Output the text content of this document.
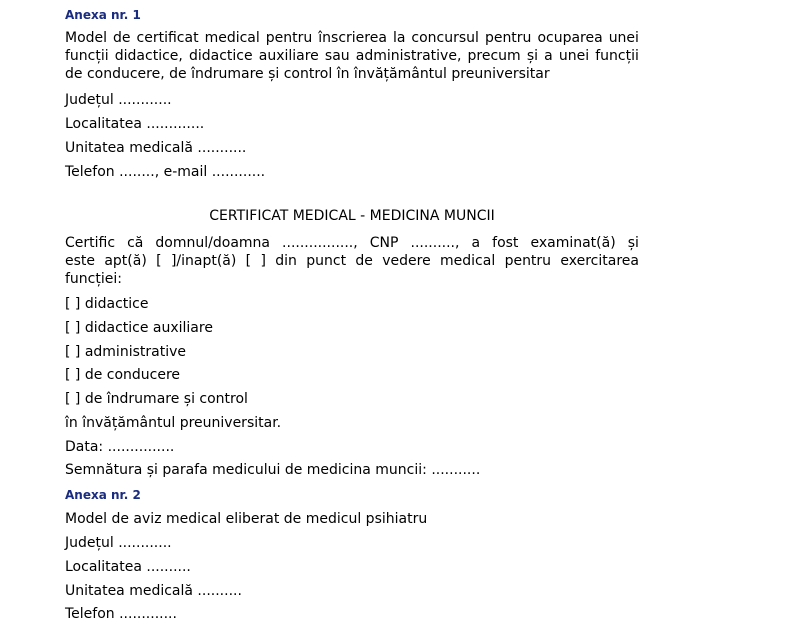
Anexa nr. 1

Model de certificat medical pentru înscrierea la concursul pentru ocuparea unei
funcții didactice, didactice auxiliare sau administrative, precum și a unei funcții

de conducere, de îndrumare și control în învățământul preuniversitar

Județul ............

Localitatea .............

Unitatea medicală ...........

Telefon ........, e-mail ............

CERTIFICAT MEDICAL - MEDICINA MUNCII

Certific că domnul/doamna ................, CNP .........., a fost examinat(ă) și
este apt(ă) [ ]/inapt(ă) [ ] din punct de vedere medical pentru exercitarea

funcției:

[ ] didactice

[ ] didactice auxiliare

[ ] administrative

[ ] de conducere

[ ] de îndrumare și control

în învățământul preuniversitar.

Data: ...............

Semnătura și parafa medicului de medicina muncii: ...........

Anexa nr. 2

Model de aviz medical eliberat de medicul psihiatru

Județul ............

Localitatea ..........

Unitatea medicală ..........

Telefon .............
